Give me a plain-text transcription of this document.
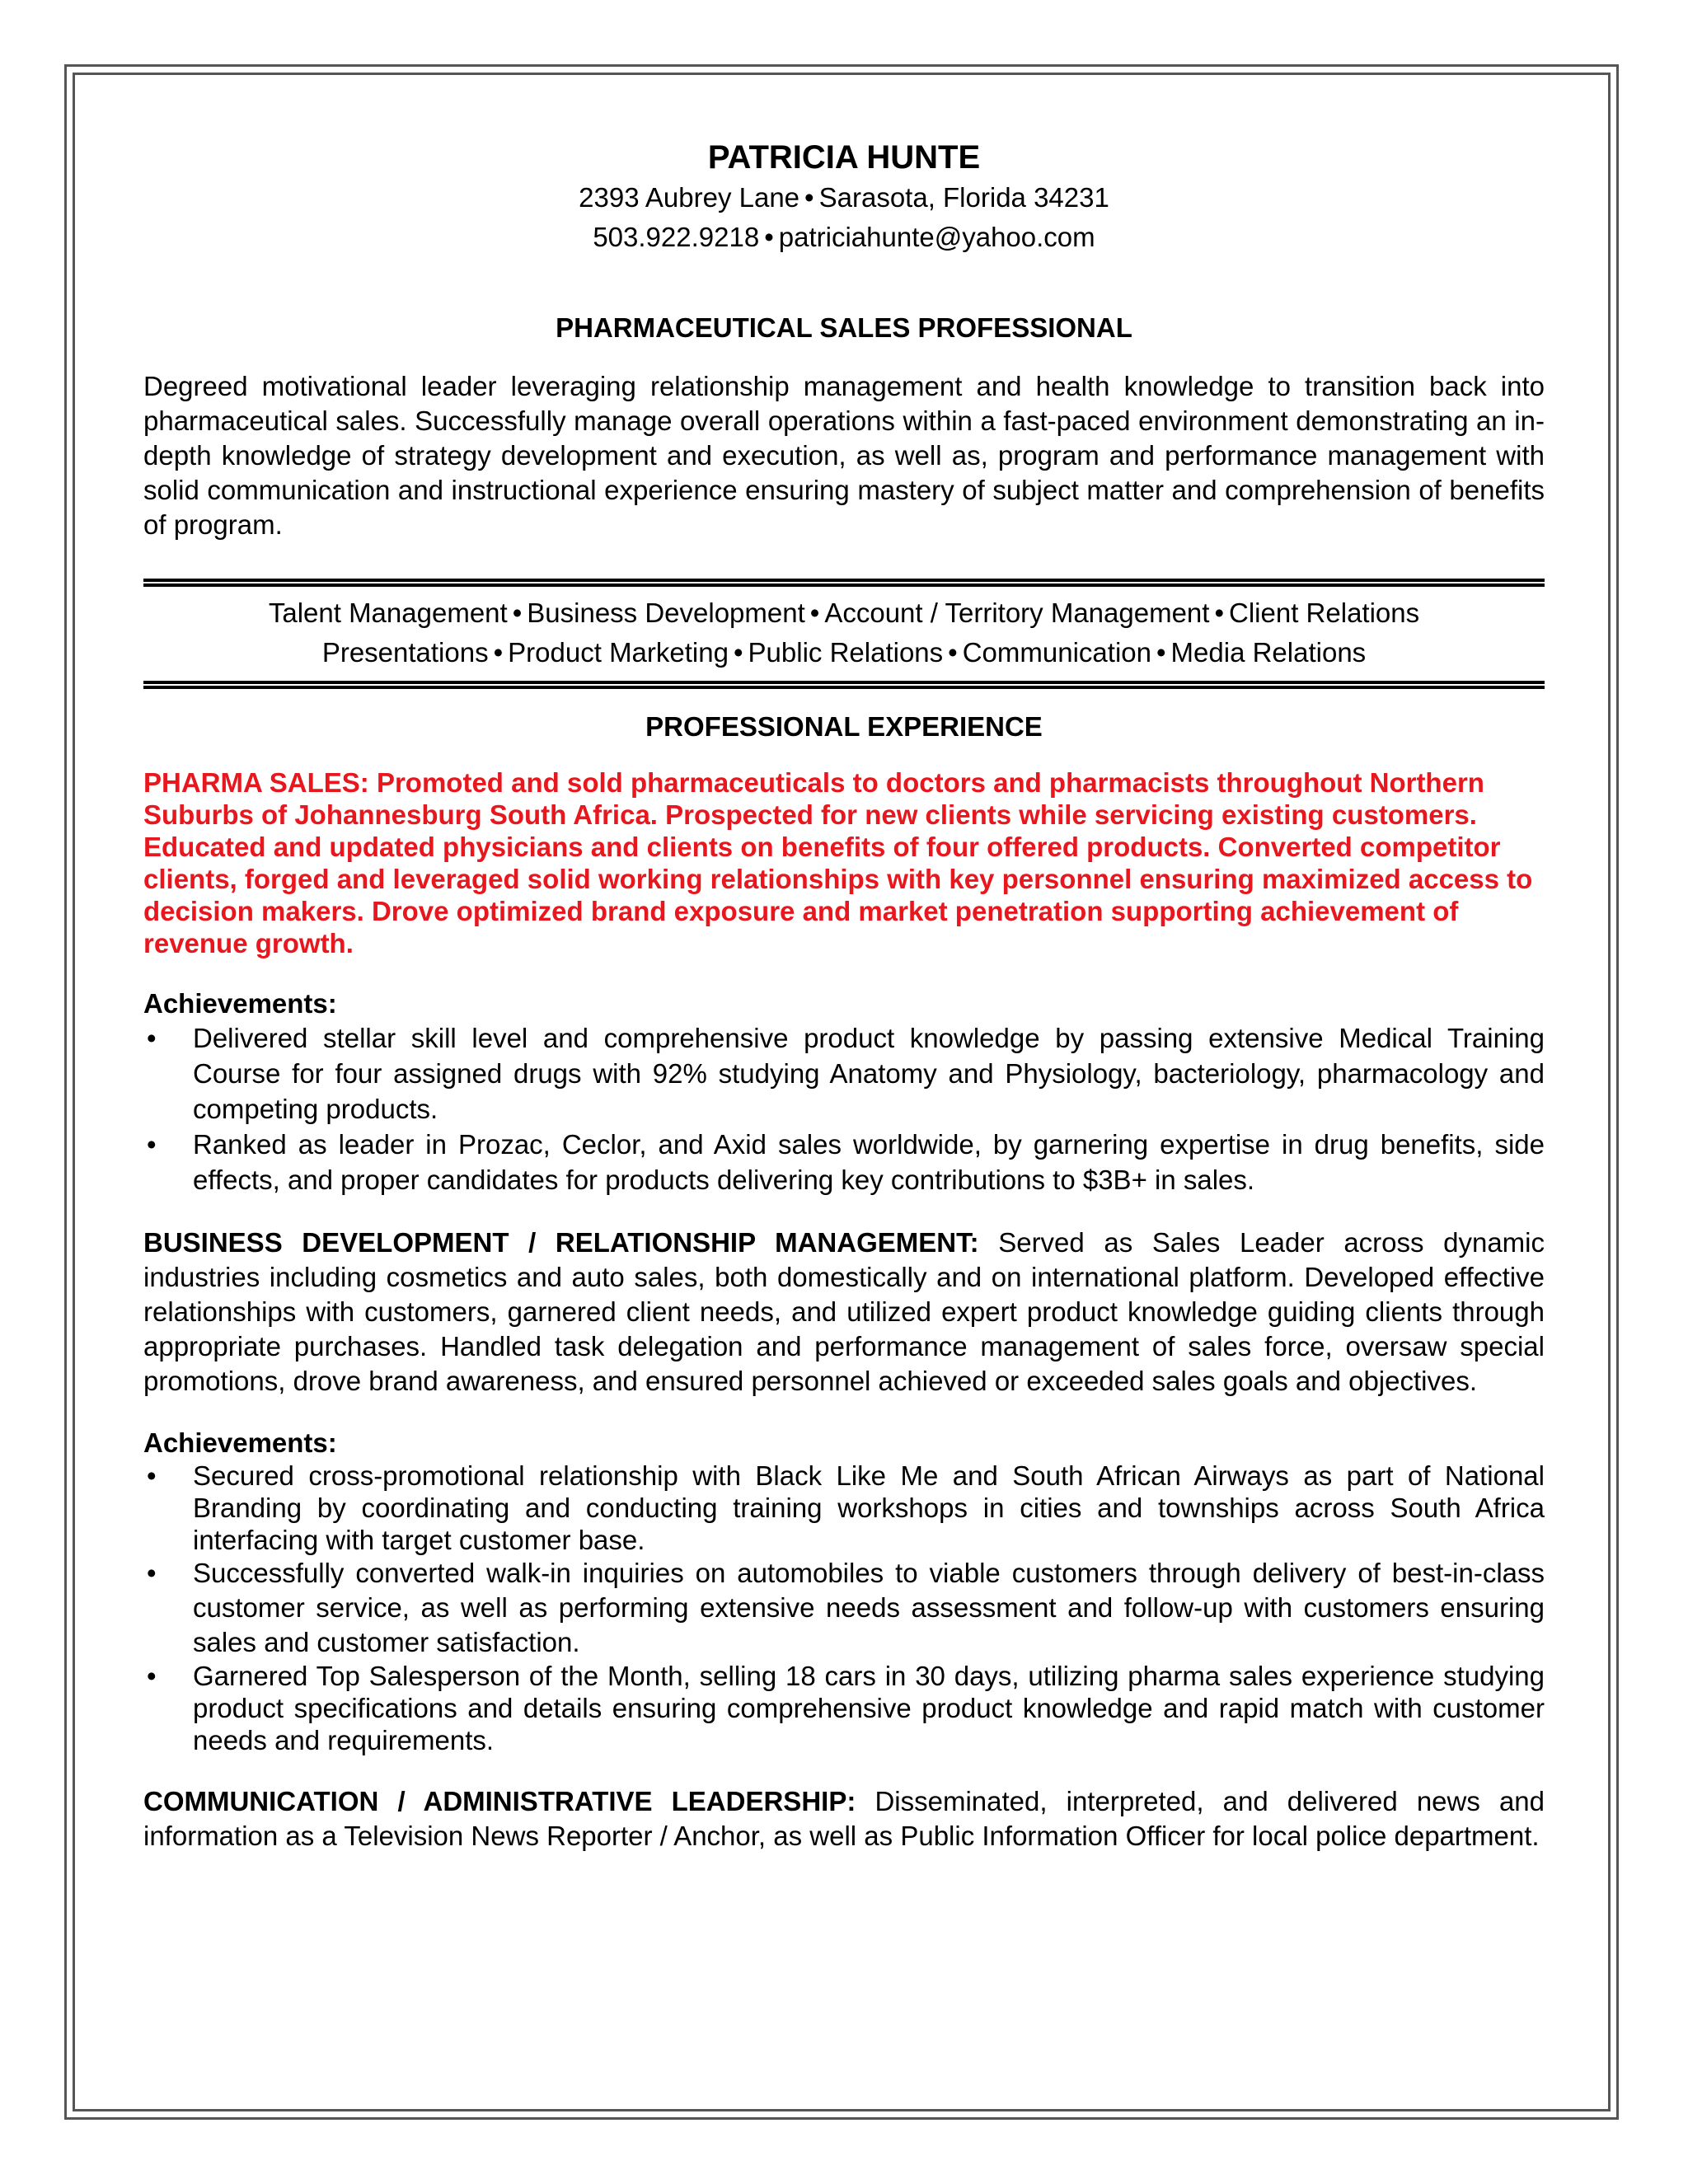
PATRICIA HUNTE

2393 Aubrey Lane • Sarasota, Florida 34231

503.922.9218 • patriciahunte@yahoo.com

PHARMACEUTICAL SALES PROFESSIONAL

Degreed motivational leader leveraging relationship management and health knowledge to transition back into pharmaceutical sales. Successfully manage overall operations within a fast-paced environment demonstrating an in-depth knowledge of strategy development and execution, as well as, program and performance management with solid communication and instructional experience ensuring mastery of subject matter and comprehension of benefits of program.

Talent Management • Business Development • Account / Territory Management • Client Relations
Presentations • Product Marketing • Public Relations • Communication • Media Relations

PROFESSIONAL EXPERIENCE

PHARMA SALES: Promoted and sold pharmaceuticals to doctors and pharmacists throughout Northern Suburbs of Johannesburg South Africa. Prospected for new clients while servicing existing customers. Educated and updated physicians and clients on benefits of four offered products. Converted competitor clients, forged and leveraged solid working relationships with key personnel ensuring maximized access to decision makers. Drove optimized brand exposure and market penetration supporting achievement of revenue growth.

Achievements:

• Delivered stellar skill level and comprehensive product knowledge by passing extensive Medical Training Course for four assigned drugs with 92% studying Anatomy and Physiology, bacteriology, pharmacology and competing products.
• Ranked as leader in Prozac, Ceclor, and Axid sales worldwide, by garnering expertise in drug benefits, side effects, and proper candidates for products delivering key contributions to $3B+ in sales.

BUSINESS DEVELOPMENT / RELATIONSHIP MANAGEMENT: Served as Sales Leader across dynamic industries including cosmetics and auto sales, both domestically and on international platform. Developed effective relationships with customers, garnered client needs, and utilized expert product knowledge guiding clients through appropriate purchases. Handled task delegation and performance management of sales force, oversaw special promotions, drove brand awareness, and ensured personnel achieved or exceeded sales goals and objectives.

Achievements:

• Secured cross-promotional relationship with Black Like Me and South African Airways as part of National Branding by coordinating and conducting training workshops in cities and townships across South Africa interfacing with target customer base.
• Successfully converted walk-in inquiries on automobiles to viable customers through delivery of best-in-class customer service, as well as performing extensive needs assessment and follow-up with customers ensuring sales and customer satisfaction.
• Garnered Top Salesperson of the Month, selling 18 cars in 30 days, utilizing pharma sales experience studying product specifications and details ensuring comprehensive product knowledge and rapid match with customer needs and requirements.

COMMUNICATION / ADMINISTRATIVE LEADERSHIP: Disseminated, interpreted, and delivered news and information as a Television News Reporter / Anchor, as well as Public Information Officer for local police department.
